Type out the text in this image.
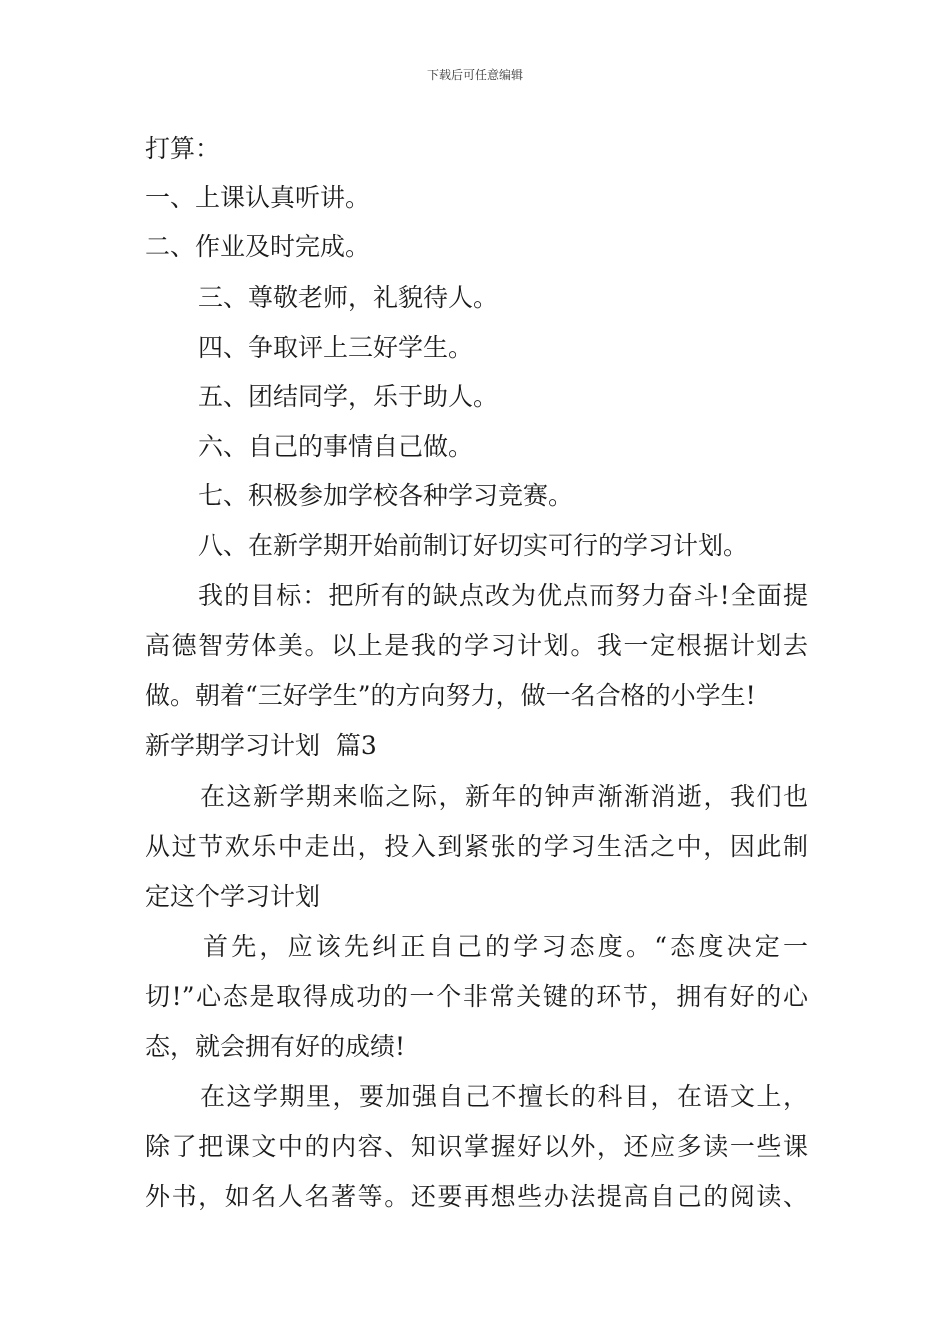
下载后可任意编辑
打算：
一、上课认真听讲。
二、作业及时完成。
三、尊敬老师，礼貌待人。
四、争取评上三好学生。
五、团结同学，乐于助人。
六、自己的事情自己做。
七、积极参加学校各种学习竞赛。
八、在新学期开始前制订好切实可行的学习计划。
我的目标：把所有的缺点改为优点而努力奋斗!全面提
高德智劳体美。以上是我的学习计划。我一定根据计划去
做。朝着“三好学生”的方向努力，做一名合格的小学生!
新学期学习计划  篇3
在这新学期来临之际，新年的钟声渐渐消逝，我们也
从过节欢乐中走出，投入到紧张的学习生活之中，因此制
定这个学习计划
首先，应该先纠正自己的学习态度。“态度决定一
切!”心态是取得成功的一个非常关键的环节，拥有好的心
态，就会拥有好的成绩!
在这学期里，要加强自己不擅长的科目，在语文上，
除了把课文中的内容、知识掌握好以外，还应多读一些课
外书，如名人名著等。还要再想些办法提高自己的阅读、
